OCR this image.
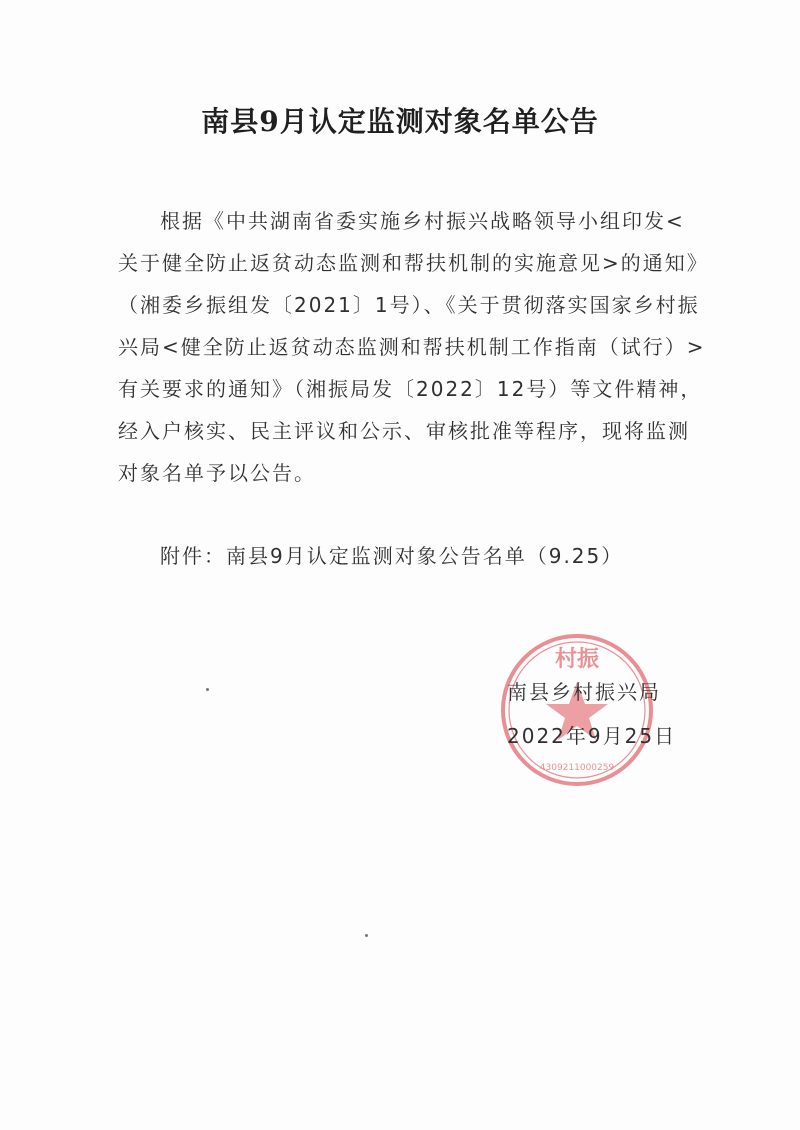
南县9月认定监测对象名单公告
根据《中共湖南省委实施乡村振兴战略领导小组印发<
关于健全防止返贫动态监测和帮扶机制的实施意见>的通知》
（湘委乡振组发〔2021〕1号）、《关于贯彻落实国家乡村振
兴局<健全防止返贫动态监测和帮扶机制工作指南（试行）>
有关要求的通知》（湘振局发〔2022〕12号）等文件精神，
经入户核实、民主评议和公示、审核批准等程序，现将监测
对象名单予以公告。
附件：南县9月认定监测对象公告名单（9.25）
村振
4309211000259
南县乡村振兴局
2022年9月25日
